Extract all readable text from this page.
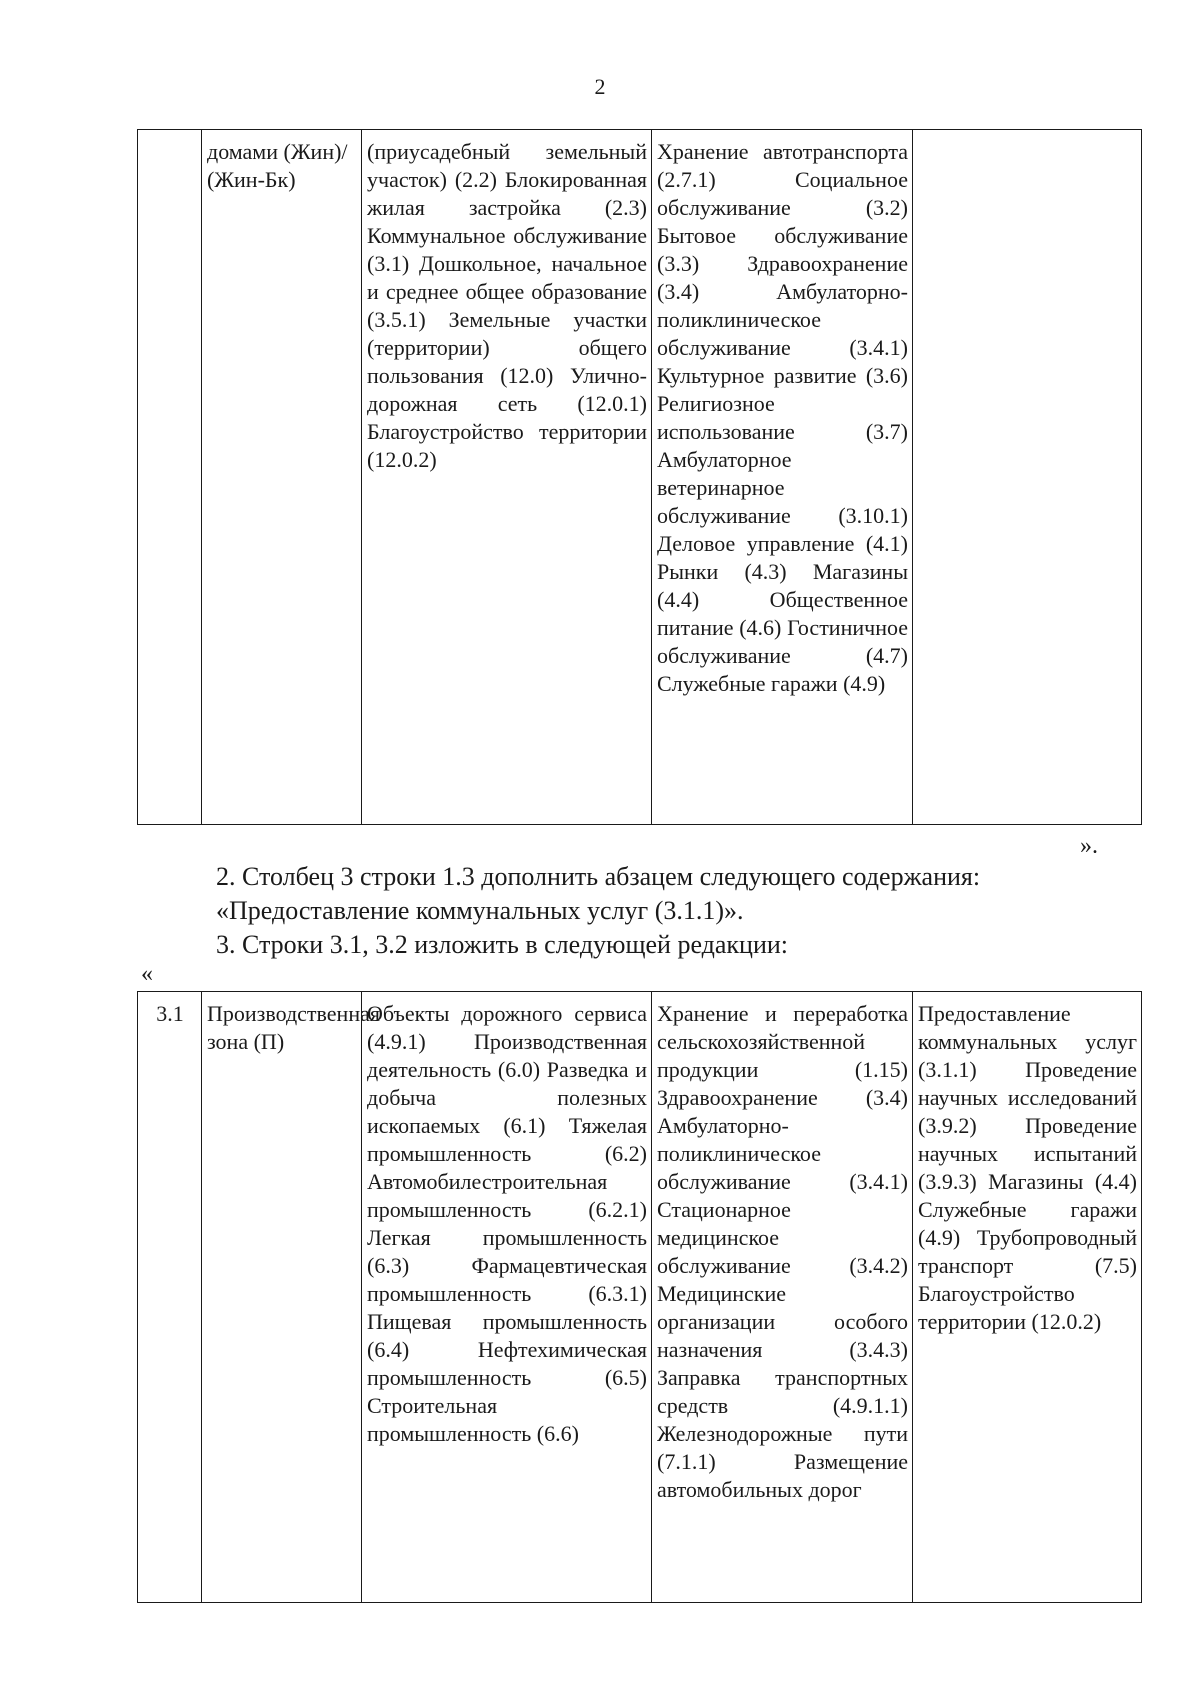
2
	домами (Жин)/ (Жин-Бк)	(приусадебный земельный участок) (2.2) Блокированная жилая застройка (2.3) Коммунальное обслуживание (3.1) Дошкольное, начальное и среднее общее образование (3.5.1) Земельные участки (территории) общего пользования (12.0) Улично-дорожная сеть (12.0.1) Благоустройство территории (12.0.2)	Хранение автотранспорта (2.7.1) Социальное обслуживание (3.2) Бытовое обслуживание (3.3) Здравоохранение (3.4) Амбулаторно-поликлиническое обслуживание (3.4.1) Культурное развитие (3.6) Религиозное использование (3.7) Амбулаторное ветеринарное обслуживание (3.10.1) Деловое управление (4.1) Рынки (4.3) Магазины (4.4) Общественное питание (4.6) Гостиничное обслуживание (4.7) Служебные гаражи (4.9)	
».
2. Столбец 3 строки 1.3 дополнить абзацем следующего содержания:
«Предоставление коммунальных услуг (3.1.1)».
3. Строки 3.1, 3.2 изложить в следующей редакции:
«
3.1	Производственная зона (П)	Объекты дорожного сервиса (4.9.1) Производственная деятельность (6.0) Разведка и добыча полезных ископаемых (6.1) Тяжелая промышленность (6.2) Автомобилестроительная промышленность (6.2.1) Легкая промышленность (6.3) Фармацевтическая промышленность (6.3.1) Пищевая промышленность (6.4) Нефтехимическая промышленность (6.5) Строительная промышленность (6.6)	Хранение и переработка сельскохозяйственной продукции (1.15) Здравоохранение (3.4) Амбулаторно-поликлиническое обслуживание (3.4.1) Стационарное медицинское обслуживание (3.4.2) Медицинские организации особого назначения (3.4.3) Заправка транспортных средств (4.9.1.1) Железнодорожные пути (7.1.1) Размещение автомобильных дорог	Предоставление коммунальных услуг (3.1.1) Проведение научных исследований (3.9.2) Проведение научных испытаний (3.9.3) Магазины (4.4) Служебные гаражи (4.9) Трубопроводный транспорт (7.5) Благоустройство территории (12.0.2)
